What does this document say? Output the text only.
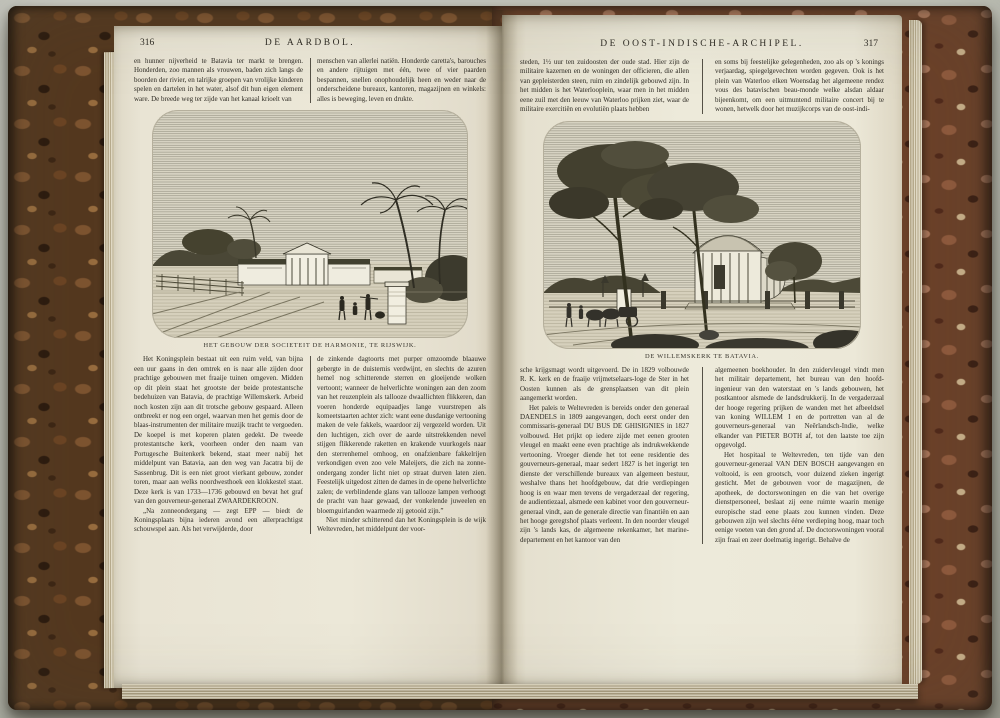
316	DE AARDBOL.

en hunner nijverheid te Batavia ter markt te brengen. Honderden, zoo mannen als vrouwen, baden zich langs de boorden der rivier, en talrijke groepen van vrolijke kinderen spelen en dartelen in het water, alsof dit hun eigen element ware. De breede weg ter zijde van het kanaal krioelt van

menschen van allerlei natiën. Honderde caretta's, barouches en andere rijtuigen met één, twee of vier paarden bespannen, snellen onophoudelijk heen en weder naar de onderscheidene bureaux, kantoren, magazijnen en winkels: alles is beweging, leven en drukte.

HET GEBOUW DER SOCIETEIT DE HARMONIE, TE RIJSWIJK.

Het Koningsplein bestaat uit een ruim veld, van bijna een uur gaans in den omtrek en is naar alle zijden door prachtige gebouwen met fraaije tuinen omgeven. Midden op dit plein staat het grootste der beide protestantsche bedehuizen van Batavia, de prachtige Willemskerk. Arbeid noch kosten zijn aan dit trotsche gebouw gespaard. Alleen ontbreekt er nog een orgel, waarvan men het gemis door de blaas-instrumenten der militaire muzijk tracht te vergoeden. De koepel is met koperen platen gedekt. De tweede protestantsche kerk, voorheen onder den naam van Portugesche Buitenkerk bekend, staat meer nabij het middelpunt van Batavia, aan den weg van Jacatra bij de Sassenbrug. Dit is een niet groot vierkant gebouw, zonder toren, maar aan welks noordwesthoek een klokkestel staat. Deze kerk is van 1733—1736 gebouwd en bevat het graf van den gouverneur-generaal ZWAARDEKROON.

„Na zonneondergang — zegt EPP — biedt de Koningsplaats bijna iederen avond een allerprachtigst schouwspel aan. Als het verwijderde, door

de zinkende dagtoorts met purper omzoomde blaauwe gebergte in de duisternis verdwijnt, en slechts de azuren hemel nog schitterende sterren en gloeijende wolken vertoont; wanneer de helverlichte woningen aan den zoom van het reuzenplein als tallooze dwaallichten flikkeren, dan voeren honderde equipaadjes lange vuurstrepen als komeetstaarten achter zich: want eene dusdanige vertooning maken de vele fakkels, waardoor zij vergezeld worden. Uit den luchtigen, zich over de aarde uitstrekkenden nevel stijgen flikkerende raketten en krakende vuurkogels naar den sterrenhemel omhoog, en onafzienbare fakkelrijen verkondigen even zoo vele Maleijers, die zich na zonne-ondergang zonder licht niet op straat durven laten zien. Feestelijk uitgedost zitten de dames in de opene helverlichte zalen; de verblindende glans van tallooze lampen verhoogt de pracht van haar gewaad, der vonkelende juweelen en bloemguirlanden waarmede zij getooid zijn.”

Niet minder schitterend dan het Koningsplein is de wijk Weltevreden, het middelpunt der voor-

DE OOST-INDISCHE-ARCHIPEL.	317

steden, 1½ uur ten zuidoosten der oude stad. Hier zijn de militaire kazernen en de woningen der officieren, die allen van gepleisterden steen, ruim en zindelijk gebouwd zijn. In het midden is het Waterlooplein, waar men in het midden eene zuil met den leeuw van Waterloo prijken ziet, waar de militaire exercitiën en evolutiën plaats hebben

en soms bij feestelijke gelegenheden, zoo als op 's konings verjaardag, spiegelgevechten worden gegeven. Ook is het plein van Waterloo elken Woensdag het algemeene rendez vous des batavischen beau-monde welke alsdan aldaar bijeenkomt, om een uitmuntend militaire concert bij te wonen, hetwelk door het muzijkcorps van de oost-indi-

DE WILLEMSKERK TE BATAVIA.

sche krijgsmagt wordt uitgevoerd. De in 1829 volbouwde R. K. kerk en de fraaije vrijmetselaars-loge de Ster in het Oosten kunnen als de grensplaatsen van dit plein aangemerkt worden.

Het paleis te Weltevreden is bereids onder den generaal DAENDELS in 1809 aangevangen, doch eerst onder den commissaris-generaal DU BUS DE GHISIGNIES in 1827 volbouwd. Het prijkt op iedere zijde met eenen grooten vleugel en maakt eene even prachtige als indrukwekkende vertooning. Vroeger diende het tot eene residentie des gouverneurs-generaal, maar sedert 1827 is het ingerigt ten dienste der verschillende bureaux van algemeen bestuur, weshalve thans het hoofdgebouw, dat drie verdiepingen hoog is en waar men tevens de vergaderzaal der regering, de audientiezaal, alsmede een kabinet voor den gouverneur-generaal vindt, aan de generale directie van finantiën en aan het hooge geregtshof plaats verleent. In den noorder vleugel zijn 's lands kas, de algemeene rekenkamer, het marine-departement en het kantoor van den

algemeenen boekhouder. In den zuidervleugel vindt men het militair departement, het bureau van den hoofd-ingenieur van den waterstaat en 's lands gebouwen, het postkantoor alsmede de landsdrukkerij. In de vergaderzaal der hooge regering prijken de wanden met het afbeeldsel van koning WILLEM I en de portretten van al de gouverneurs-generaal van Neêrlandsch-Indie, welke elkander van PIETER BOTH af, tot den laatste toe zijn opgevolgd.

Het hospitaal te Weltevreden, ten tijde van den gouverneur-generaal VAN DEN BOSCH aangevangen en voltooid, is een grootsch, voor duizend zieken ingerigt gesticht. Met de gebouwen voor de magazijnen, de apotheek, de doctorswoningen en die van het overige dienstpersoneel, beslaat zij eene ruimte waarin menige europische stad eene plaats zou kunnen vinden. Deze gebouwen zijn wel slechts ééne verdieping hoog, maar toch eenige voeten van den grond af. De doctorswoningen vooral zijn fraai en zeer doelmatig ingerigt. Behalve de
